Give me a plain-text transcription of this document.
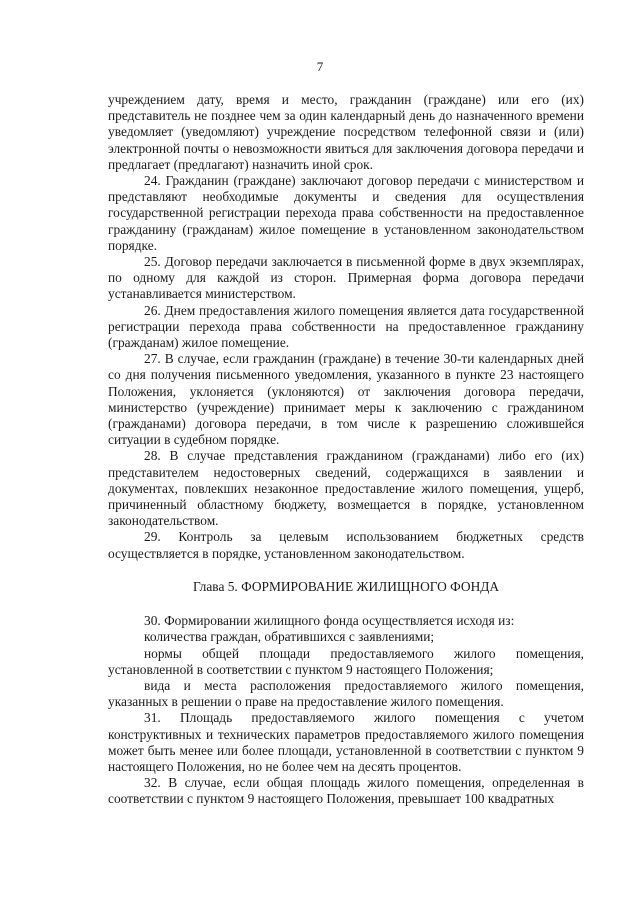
7

учреждением дату, время и место, гражданин (граждане) или его (их) представитель не позднее чем за один календарный день до назначенного времени уведомляет (уведомляют) учреждение посредством телефонной связи и (или) электронной почты о невозможности явиться для заключения договора передачи и предлагает (предлагают) назначить иной срок.

24. Гражданин (граждане) заключают договор передачи с министерством и представляют необходимые документы и сведения для осуществления государственной регистрации перехода права собственности на предоставленное гражданину (гражданам) жилое помещение в установленном законодательством порядке.

25. Договор передачи заключается в письменной форме в двух экземплярах, по одному для каждой из сторон. Примерная форма договора передачи устанавливается министерством.

26. Днем предоставления жилого помещения является дата государственной регистрации перехода права собственности на предоставленное гражданину (гражданам) жилое помещение.

27. В случае, если гражданин (граждане) в течение 30-ти календарных дней со дня получения письменного уведомления, указанного в пункте 23 настоящего Положения, уклоняется (уклоняются) от заключения договора передачи, министерство (учреждение) принимает меры к заключению с гражданином (гражданами) договора передачи, в том числе к разрешению сложившейся ситуации в судебном порядке.

28. В случае представления гражданином (гражданами) либо его (их) представителем недостоверных сведений, содержащихся в заявлении и документах, повлекших незаконное предоставление жилого помещения, ущерб, причиненный областному бюджету, возмещается в порядке, установленном законодательством.

29. Контроль за целевым использованием бюджетных средств осуществляется в порядке, установленном законодательством.

Глава 5. ФОРМИРОВАНИЕ ЖИЛИЩНОГО ФОНДА

30. Формировании жилищного фонда осуществляется исходя из:

количества граждан, обратившихся с заявлениями;

нормы общей площади предоставляемого жилого помещения, установленной в соответствии с пунктом 9 настоящего Положения;

вида и места расположения предоставляемого жилого помещения, указанных в решении о праве на предоставление жилого помещения.

31. Площадь предоставляемого жилого помещения с учетом конструктивных и технических параметров предоставляемого жилого помещения может быть менее или более площади, установленной в соответствии с пунктом 9 настоящего Положения, но не более чем на десять процентов.

32. В случае, если общая площадь жилого помещения, определенная в соответствии с пунктом 9 настоящего Положения, превышает 100 квадратных
